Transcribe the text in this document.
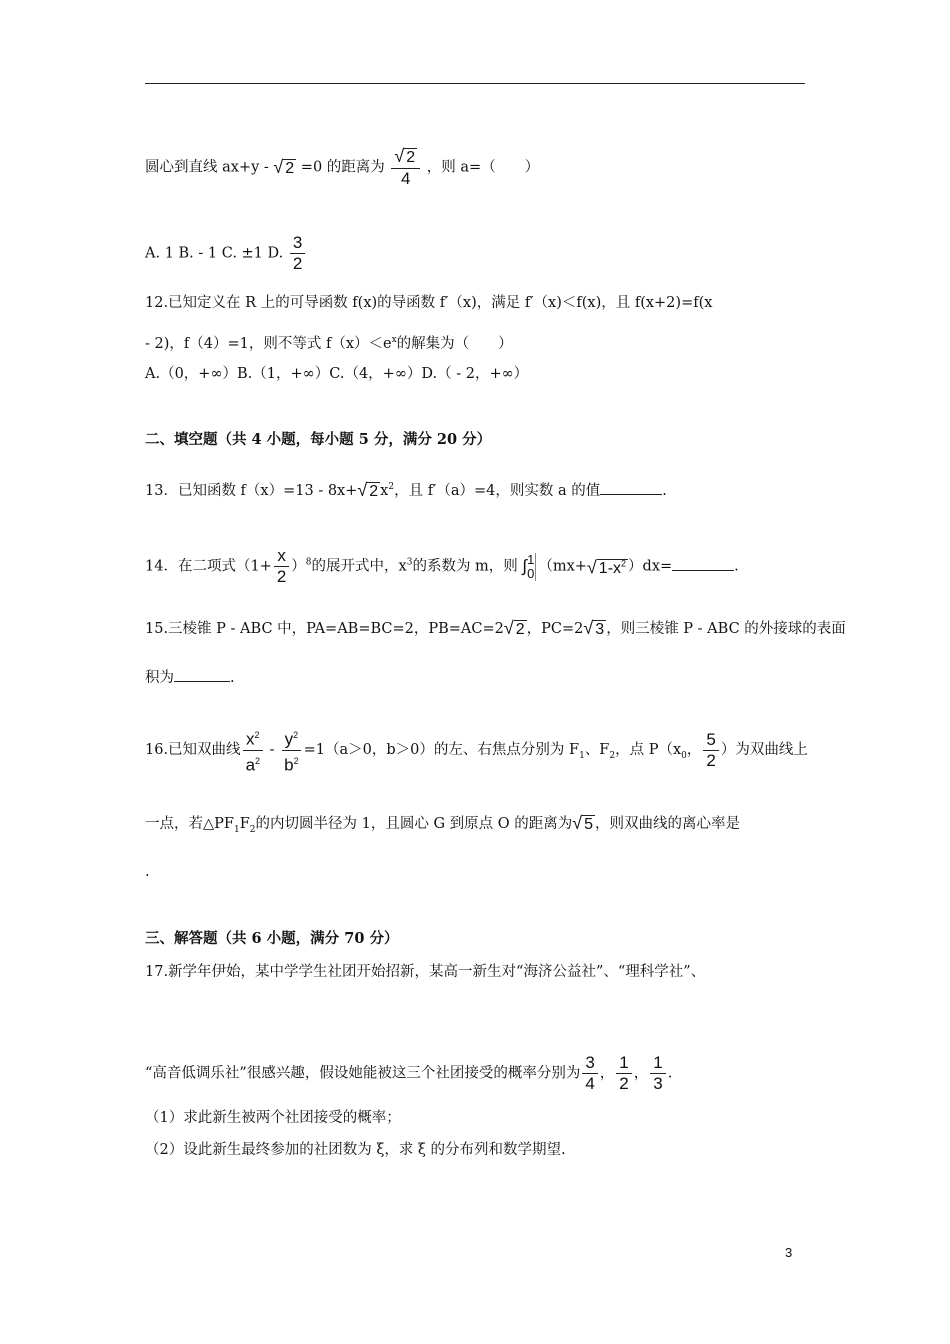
圆心到直线 ax+y - √ 2 =0 的距离为 $\frac{√ 2}{4}$ ，则 a=（　　）
A. 1 B. - 1 C. ±1 D. $\frac{3}{2}$
12.已知定义在 R 上的可导函数 f(x)的导函数 f′（x)，满足 f′（x)＜f(x)，且 f(x+2)=f(x
- 2)，f（4）=1，则不等式 $f(x)<e^x$的解集为（　　）
A.（0，+∞）B.（1，+∞）C.（4，+∞）D.（ - 2，+∞）
二、填空题（共 4 小题，每小题 5 分，满分 20 分）
13．已知函数 f（x）=13 - 8x+√ 2 $x^2$，且 f′（a）=4，则实数 a 的值	.
14．在二项式$(1+ \frac{x}{2} )^8$的展开式中，$x^3$的系数为 m，则 ∫ 1
0 （mx+√ $1-x^2$ ）dx=	.
15.三棱锥 P - ABC 中，PA=AB=BC=2，PB=AC=2√ 2 ，PC=2√ 3 ，则三棱锥 P - ABC 的外接球的表面
积为	.
16.已知双曲线 $\frac{x^2}{a^2} - \frac{y^2}{b^2} =1(a>0$，b＞0）的左、右焦点分别为 $F_1$、$F_2$，点 $P(x_0$， $\frac{5}{2}$ ）为双曲线上
一点，若$\triangle PF_1F_2$的内切圆半径为 1，且圆心 G 到原点 O 的距离为√ 5 ，则双曲线的离心率是
.
三、解答题（共 6 小题，满分 70 分）
17.新学年伊始，某中学学生社团开始招新，某高一新生对“海济公益社”、“理科学社”、
“高音低调乐社”很感兴趣，假设她能被这三个社团接受的概率分别为 $\frac{3}{4}$ ， $\frac{1}{2}$ ， $\frac{1}{3}$ .
（1）求此新生被两个社团接受的概率；
（2）设此新生最终参加的社团数为 ξ，求 ξ 的分布列和数学期望.
3
